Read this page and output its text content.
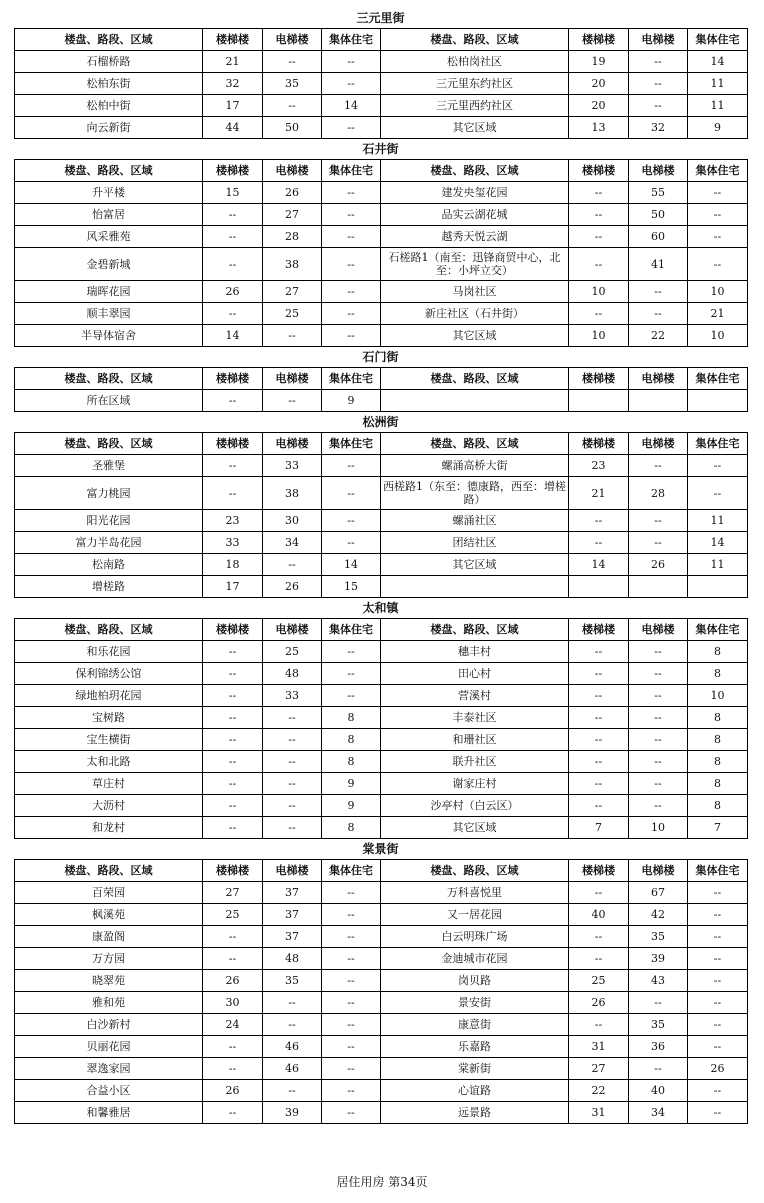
三元里街
楼盘、路段、区域	楼梯楼	电梯楼	集体住宅	楼盘、路段、区域	楼梯楼	电梯楼	集体住宅
石榴桥路	21	--	--	松柏岗社区	19	--	14
松柏东街	32	35	--	三元里东约社区	20	--	11
松柏中街	17	--	14	三元里西约社区	20	--	11
向云新街	44	50	--	其它区域	13	32	9
石井街
楼盘、路段、区域	楼梯楼	电梯楼	集体住宅	楼盘、路段、区域	楼梯楼	电梯楼	集体住宅
升平楼	15	26	--	建发央玺花园	--	55	--
怡富居	--	27	--	品实云湖花城	--	50	--
风采雅苑	--	28	--	越秀天悦云湖	--	60	--
金碧新城	--	38	--	石槎路1（南至：迅锋商贸中心，北至：小坪立交）	--	41	--
瑞晖花园	26	27	--	马岗社区	10	--	10
顺丰翠园	--	25	--	新庄社区（石井街）	--	--	21
半导体宿舍	14	--	--	其它区域	10	22	10
石门街
楼盘、路段、区域	楼梯楼	电梯楼	集体住宅	楼盘、路段、区域	楼梯楼	电梯楼	集体住宅
所在区域	--	--	9				
松洲街
楼盘、路段、区域	楼梯楼	电梯楼	集体住宅	楼盘、路段、区域	楼梯楼	电梯楼	集体住宅
圣雅堡	--	33	--	螺涌高桥大街	23	--	--
富力桃园	--	38	--	西槎路1（东至：德康路，西至：增槎路）	21	28	--
阳光花园	23	30	--	螺涌社区	--	--	11
富力半岛花园	33	34	--	团结社区	--	--	14
松南路	18	--	14	其它区域	14	26	11
增槎路	17	26	15				
太和镇
楼盘、路段、区域	楼梯楼	电梯楼	集体住宅	楼盘、路段、区域	楼梯楼	电梯楼	集体住宅
和乐花园	--	25	--	穗丰村	--	--	8
保利锦绣公馆	--	48	--	田心村	--	--	8
绿地柏玥花园	--	33	--	营溪村	--	--	10
宝树路	--	--	8	丰泰社区	--	--	8
宝生横街	--	--	8	和珊社区	--	--	8
太和北路	--	--	8	联升社区	--	--	8
草庄村	--	--	9	谢家庄村	--	--	8
大沥村	--	--	9	沙亭村（白云区）	--	--	8
和龙村	--	--	8	其它区域	7	10	7
棠景街
楼盘、路段、区域	楼梯楼	电梯楼	集体住宅	楼盘、路段、区域	楼梯楼	电梯楼	集体住宅
百荣园	27	37	--	万科喜悦里	--	67	--
枫溪苑	25	37	--	又一居花园	40	42	--
康盈阁	--	37	--	白云明珠广场	--	35	--
万方园	--	48	--	金迪城市花园	--	39	--
晓翠苑	26	35	--	岗贝路	25	43	--
雅和苑	30	--	--	景安街	26	--	--
白沙新村	24	--	--	康意街	--	35	--
贝丽花园	--	46	--	乐嘉路	31	36	--
翠逸家园	--	46	--	棠新街	27	--	26
合益小区	26	--	--	心谊路	22	40	--
和馨雅居	--	39	--	远景路	31	34	--
居住用房 第34页
